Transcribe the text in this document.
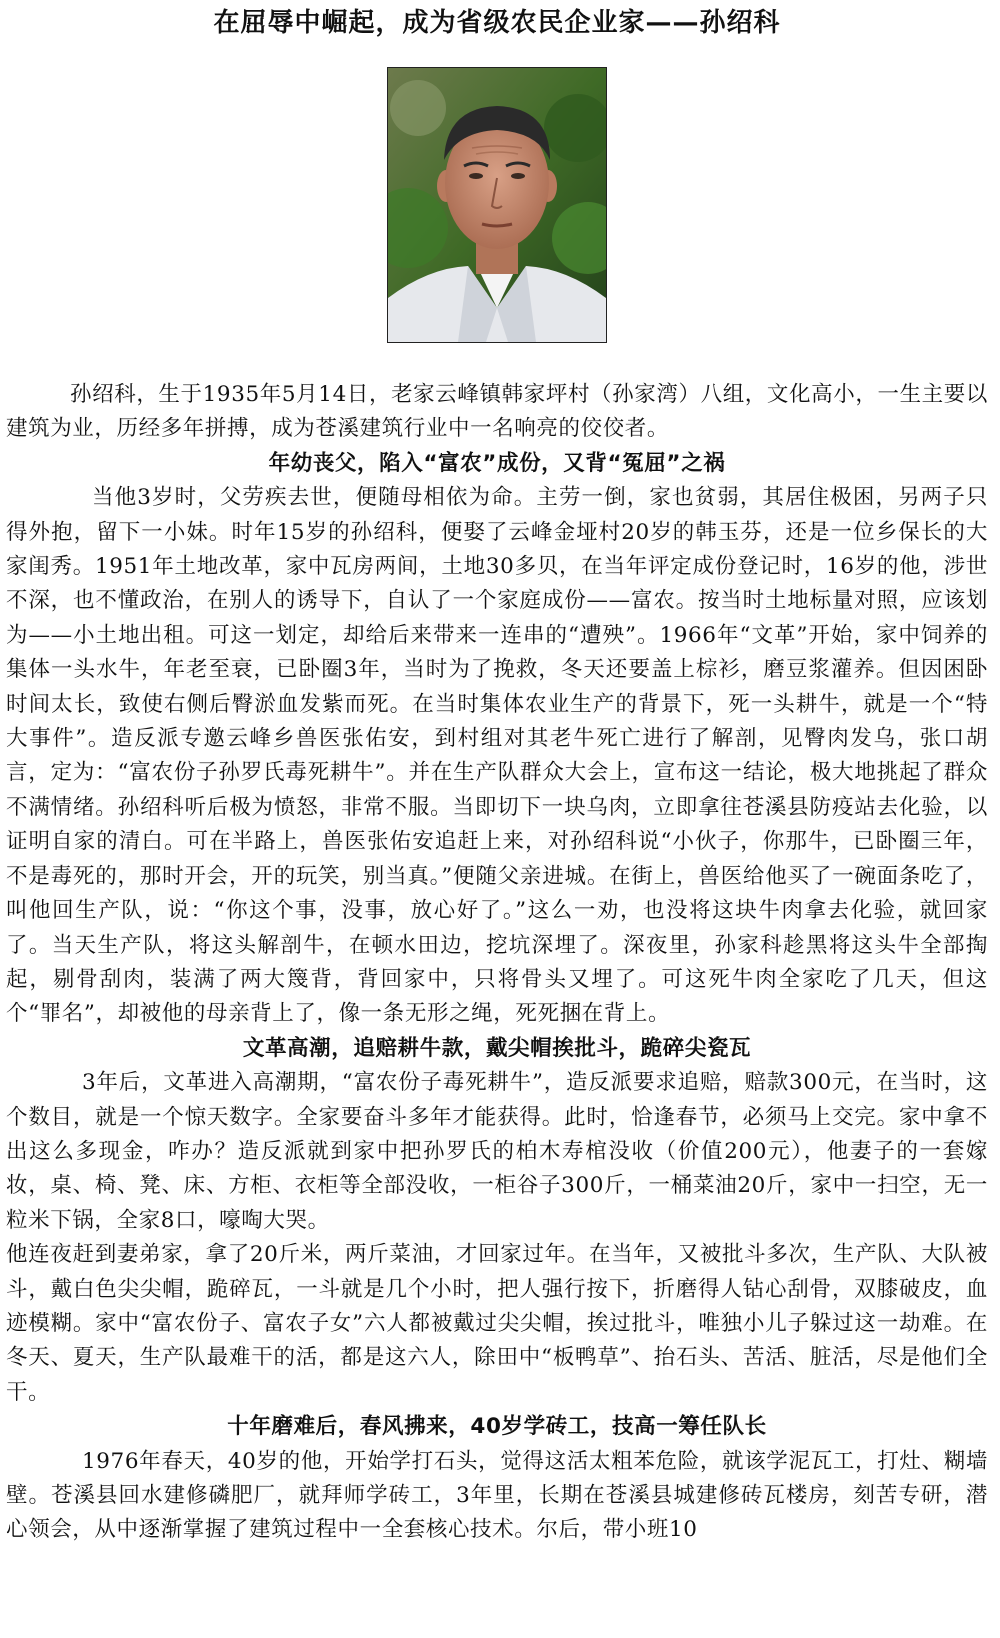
在屈辱中崛起，成为省级农民企业家——孙绍科

孙绍科，生于1935年5月14日，老家云峰镇韩家坪村（孙家湾）八组，文化高小，一生主要以建筑为业，历经多年拼搏，成为苍溪建筑行业中一名响亮的佼佼者。

年幼丧父，陷入“富农”成份，又背“冤屈”之祸

当他3岁时，父劳疾去世，便随母相依为命。主劳一倒，家也贫弱，其居住极困，另两子只得外抱，留下一小妹。时年15岁的孙绍科，便娶了云峰金垭村20岁的韩玉芬，还是一位乡保长的大家闺秀。1951年土地改革，家中瓦房两间，土地30多贝，在当年评定成份登记时，16岁的他，涉世不深，也不懂政治，在别人的诱导下，自认了一个家庭成份——富农。按当时土地标量对照，应该划为——小土地出租。可这一划定，却给后来带来一连串的“遭殃”。1966年“文革”开始，家中饲养的集体一头水牛，年老至衰，已卧圈3年，当时为了挽救，冬天还要盖上棕衫，磨豆浆灌养。但因困卧时间太长，致使右侧后臀淤血发紫而死。在当时集体农业生产的背景下，死一头耕牛，就是一个“特大事件”。造反派专邀云峰乡兽医张佑安，到村组对其老牛死亡进行了解剖，见臀肉发乌，张口胡言，定为：“富农份子孙罗氏毒死耕牛”。并在生产队群众大会上，宣布这一结论，极大地挑起了群众不满情绪。孙绍科听后极为愤怒，非常不服。当即切下一块乌肉，立即拿往苍溪县防疫站去化验，以证明自家的清白。可在半路上，兽医张佑安追赶上来，对孙绍科说“小伙子，你那牛，已卧圈三年，不是毒死的，那时开会，开的玩笑，别当真。”便随父亲进城。在街上，兽医给他买了一碗面条吃了，叫他回生产队，说：“你这个事，没事，放心好了。”这么一劝，也没将这块牛肉拿去化验，就回家了。当天生产队，将这头解剖牛，在顿水田边，挖坑深埋了。深夜里，孙家科趁黑将这头牛全部掏起，剔骨刮肉，装满了两大篾背，背回家中，只将骨头又埋了。可这死牛肉全家吃了几天，但这个“罪名”，却被他的母亲背上了，像一条无形之绳，死死捆在背上。

文革高潮，追赔耕牛款，戴尖帽挨批斗，跪碎尖瓷瓦

3年后，文革进入高潮期，“富农份子毒死耕牛”，造反派要求追赔，赔款300元，在当时，这个数目，就是一个惊天数字。全家要奋斗多年才能获得。此时，恰逢春节，必须马上交完。家中拿不出这么多现金，咋办？造反派就到家中把孙罗氏的柏木寿棺没收（价值200元），他妻子的一套嫁妆，桌、椅、凳、床、方柜、衣柜等全部没收，一柜谷子300斤，一桶菜油20斤，家中一扫空，无一粒米下锅，全家8口，嚎啕大哭。

他连夜赶到妻弟家，拿了20斤米，两斤菜油，才回家过年。在当年，又被批斗多次，生产队、大队被斗，戴白色尖尖帽，跪碎瓦，一斗就是几个小时，把人强行按下，折磨得人钻心刮骨，双膝破皮，血迹模糊。家中“富农份子、富农子女”六人都被戴过尖尖帽，挨过批斗，唯独小儿子躲过这一劫难。在冬天、夏天，生产队最难干的活，都是这六人，除田中“板鸭草”、抬石头、苦活、脏活，尽是他们全干。

十年磨难后，春风拂来，40岁学砖工，技高一筹任队长

1976年春天，40岁的他，开始学打石头，觉得这活太粗苯危险，就该学泥瓦工，打灶、糊墙壁。苍溪县回水建修磷肥厂，就拜师学砖工，3年里，长期在苍溪县城建修砖瓦楼房，刻苦专研，潜心领会，从中逐渐掌握了建筑过程中一全套核心技术。尔后，带小班10
